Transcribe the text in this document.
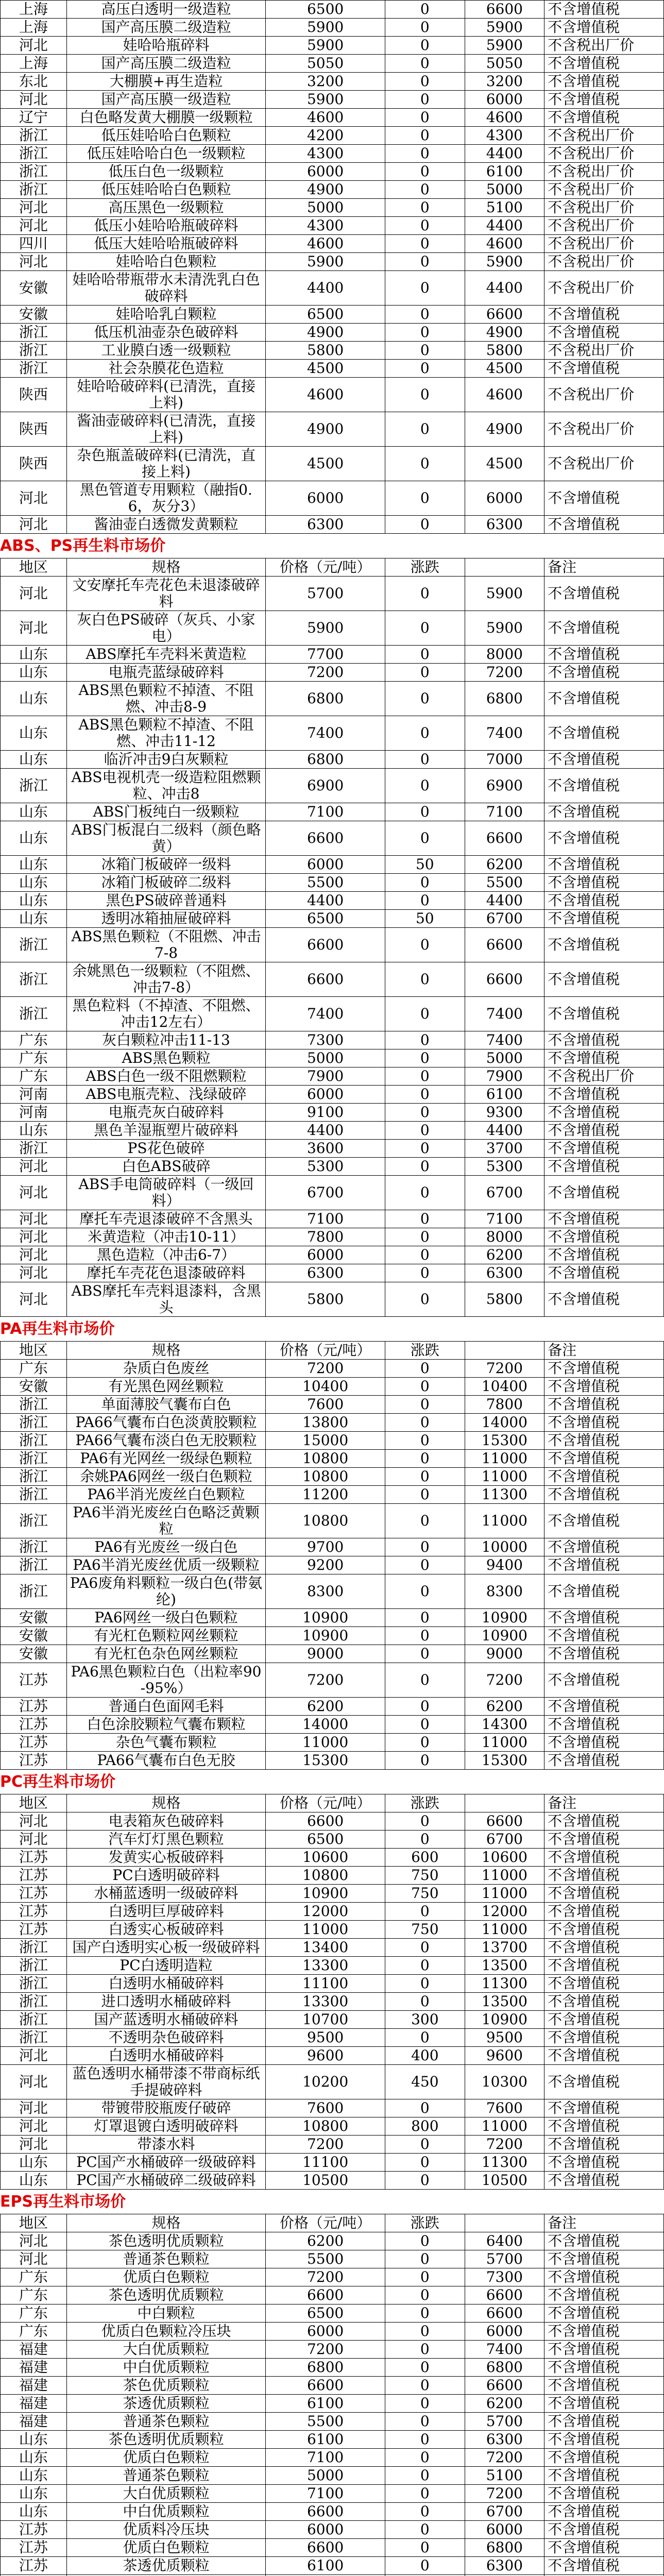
上海	高压白透明一级造粒	6500	0	6600	不含增值税
上海	国产高压膜二级造粒	5900	0	5900	不含增值税
河北	娃哈哈瓶碎料	5900	0	5900	不含税出厂价
上海	国产高压膜二级造粒	5050	0	5050	不含增值税
东北	大棚膜+再生造粒	3200	0	3200	不含增值税
河北	国产高压膜一级造粒	5900	0	6000	不含增值税
辽宁	白色略发黄大棚膜一级颗粒	4600	0	4600	不含增值税
浙江	低压娃哈哈白色颗粒	4200	0	4300	不含税出厂价
浙江	低压娃哈哈白色一级颗粒	4300	0	4400	不含税出厂价
浙江	低压白色一级颗粒	6000	0	6100	不含税出厂价
浙江	低压娃哈哈白色颗粒	4900	0	5000	不含税出厂价
河北	高压黑色一级颗粒	5000	0	5100	不含税出厂价
河北	低压小娃哈哈瓶破碎料	4300	0	4400	不含税出厂价
四川	低压大娃哈哈瓶破碎料	4600	0	4600	不含税出厂价
河北	娃哈哈白色颗粒	5900	0	5900	不含税出厂价
安徽	娃哈哈带瓶带水未清洗乳白色破碎料	4400	0	4400	不含税出厂价
安徽	娃哈哈乳白颗粒	6500	0	6600	不含增值税
浙江	低压机油壶杂色破碎料	4900	0	4900	不含增值税
浙江	工业膜白透一级颗粒	5800	0	5800	不含税出厂价
浙江	社会杂膜花色造粒	4500	0	4500	不含增值税
陕西	娃哈哈破碎料(已清洗，直接上料)	4600	0	4600	不含税出厂价
陕西	酱油壶破碎料(已清洗，直接上料)	4900	0	4900	不含税出厂价
陕西	杂色瓶盖破碎料(已清洗，直接上料)	4500	0	4500	不含税出厂价
河北	黑色管道专用颗粒（融指0.6，灰分3）	6000	0	6000	不含增值税
河北	酱油壶白透微发黄颗粒	6300	0	6300	不含增值税
ABS、PS再生料市场价
地区	规格	价格（元/吨）	涨跌		备注
河北	文安摩托车壳花色未退漆破碎料	5700	0	5900	不含增值税
河北	灰白色PS破碎（灰兵、小家电）	5900	0	5900	不含增值税
山东	ABS摩托车壳料米黄造粒	7700	0	8000	不含增值税
山东	电瓶壳蓝绿破碎料	7200	0	7200	不含增值税
山东	ABS黑色颗粒不掉渣、不阻燃、冲击8-9	6800	0	6800	不含增值税
山东	ABS黑色颗粒不掉渣、不阻燃、冲击11-12	7400	0	7400	不含增值税
山东	临沂冲击9白灰颗粒	6800	0	7000	不含增值税
浙江	ABS电视机壳一级造粒阻燃颗粒、冲击8	6900	0	6900	不含增值税
山东	ABS门板纯白一级颗粒	7100	0	7100	不含增值税
山东	ABS门板混白二级料（颜色略黄）	6600	0	6600	不含增值税
山东	冰箱门板破碎一级料	6000	50	6200	不含增值税
山东	冰箱门板破碎二级料	5500	0	5500	不含增值税
山东	黑色PS破碎普通料	4400	0	4400	不含增值税
山东	透明冰箱抽屉破碎料	6500	50	6700	不含增值税
浙江	ABS黑色颗粒（不阻燃、冲击7-8	6600	0	6600	不含增值税
浙江	余姚黑色一级颗粒（不阻燃、冲击7-8）	6600	0	6600	不含增值税
浙江	黑色粒料（不掉渣、不阻燃、冲击12左右）	7400	0	7400	不含增值税
广东	灰白颗粒冲击11-13	7300	0	7400	不含增值税
广东	ABS黑色颗粒	5000	0	5000	不含增值税
广东	ABS白色一级不阻燃颗粒	7900	0	7900	不含税出厂价
河南	ABS电瓶壳粒、浅绿破碎	6000	0	6100	不含增值税
河南	电瓶壳灰白破碎料	9100	0	9300	不含增值税
山东	黑色羊湿瓶塑片破碎料	4400	0	4400	不含增值税
浙江	PS花色破碎	3600	0	3700	不含增值税
河北	白色ABS破碎	5300	0	5300	不含增值税
河北	ABS手电筒破碎料（一级回料）	6700	0	6700	不含增值税
河北	摩托车壳退漆破碎不含黑头	7100	0	7100	不含增值税
河北	米黄造粒（冲击10-11）	7800	0	8000	不含增值税
河北	黑色造粒（冲击6-7）	6000	0	6200	不含增值税
河北	摩托车壳花色退漆破碎料	6300	0	6300	不含增值税
河北	ABS摩托车壳料退漆料，含黑头	5800	0	5800	不含增值税
PA再生料市场价
地区	规格	价格（元/吨）	涨跌		备注
广东	杂质白色废丝	7200	0	7200	不含增值税
安徽	有光黑色网丝颗粒	10400	0	10400	不含增值税
浙江	单面薄胶气囊布白色	7600	0	7800	不含增值税
浙江	PA66气囊布白色淡黄胶颗粒	13800	0	14000	不含增值税
浙江	PA66气囊布淡白色无胶颗粒	15000	0	15300	不含增值税
浙江	PA6有光网丝一级绿色颗粒	10800	0	11000	不含增值税
浙江	余姚PA6网丝一级白色颗粒	10800	0	11000	不含增值税
浙江	PA6半消光废丝白色颗粒	11200	0	11300	不含增值税
浙江	PA6半消光废丝白色略泛黄颗粒	10800	0	11000	不含增值税
浙江	PA6有光废丝一级白色	9700	0	10000	不含增值税
浙江	PA6半消光废丝优质一级颗粒	9200	0	9400	不含增值税
浙江	PA6废角料颗粒一级白色(带氨纶)	8300	0	8300	不含增值税
安徽	PA6网丝一级白色颗粒	10900	0	10900	不含增值税
安徽	有光杠色颗粒网丝颗粒	10900	0	10900	不含增值税
安徽	有光杠色杂色网丝颗粒	9000	0	9000	不含增值税
江苏	PA6黑色颗粒白色（出粒率90-95%）	7200	0	7200	不含增值税
江苏	普通白色面网毛料	6200	0	6200	不含增值税
江苏	白色涂胶颗粒气囊布颗粒	14000	0	14300	不含增值税
江苏	杂色气囊布颗粒	11000	0	11000	不含增值税
江苏	PA66气囊布白色无胶	15300	0	15300	不含增值税
PC再生料市场价
地区	规格	价格（元/吨）	涨跌		备注
河北	电表箱灰色破碎料	6600	0	6600	不含增值税
河北	汽车灯灯黑色颗粒	6500	0	6700	不含增值税
江苏	发黄实心板破碎料	10600	600	10600	不含增值税
江苏	PC白透明破碎料	10800	750	11000	不含增值税
江苏	水桶蓝透明一级破碎料	10900	750	11000	不含增值税
江苏	白透明巨厚破碎料	12000	0	12000	不含增值税
江苏	白透实心板破碎料	11000	750	11000	不含增值税
浙江	国产白透明实心板一级破碎料	13400	0	13700	不含增值税
浙江	PC白透明造粒	13300	0	13500	不含增值税
浙江	白透明水桶破碎料	11100	0	11300	不含增值税
浙江	进口透明水桶破碎料	13300	0	13500	不含增值税
浙江	国产蓝透明水桶破碎料	10700	300	10900	不含增值税
浙江	不透明杂色破碎料	9500	0	9500	不含增值税
河北	白透明水桶破碎料	9600	400	9600	不含增值税
河北	蓝色透明水桶带漆不带商标纸手提破碎料	10200	450	10300	不含增值税
河北	带镀带胶瓶废仔破碎	7600	0	7600	不含增值税
河北	灯罩退镀白透明破碎料	10800	800	11000	不含增值税
河北	带漆水料	7200	0	7200	不含增值税
山东	PC国产水桶破碎一级破碎料	11100	0	11300	不含增值税
山东	PC国产水桶破碎二级破碎料	10500	0	10500	不含增值税
EPS再生料市场价
地区	规格	价格（元/吨）	涨跌		备注
河北	茶色透明优质颗粒	6200	0	6400	不含增值税
河北	普通茶色颗粒	5500	0	5700	不含增值税
广东	优质白色颗粒	7200	0	7300	不含增值税
广东	茶色透明优质颗粒	6600	0	6600	不含增值税
广东	中白颗粒	6500	0	6600	不含增值税
广东	优质白色颗粒冷压块	6000	0	6000	不含增值税
福建	大白优质颗粒	7200	0	7400	不含增值税
福建	中白优质颗粒	6800	0	6800	不含增值税
福建	茶色优质颗粒	6600	0	6600	不含增值税
福建	茶透优质颗粒	6100	0	6200	不含增值税
福建	普通茶色颗粒	5500	0	5700	不含增值税
山东	茶色透明优质颗粒	6100	0	6300	不含增值税
山东	优质白色颗粒	7100	0	7200	不含增值税
山东	普通茶色颗粒	5000	0	5100	不含增值税
山东	大白优质颗粒	7100	0	7200	不含增值税
山东	中白优质颗粒	6600	0	6700	不含增值税
江苏	优质料冷压块	6000	0	6000	不含增值税
江苏	优质白色颗粒	6600	0	6800	不含增值税
江苏	茶透优质颗粒	6100	0	6300	不含增值税
